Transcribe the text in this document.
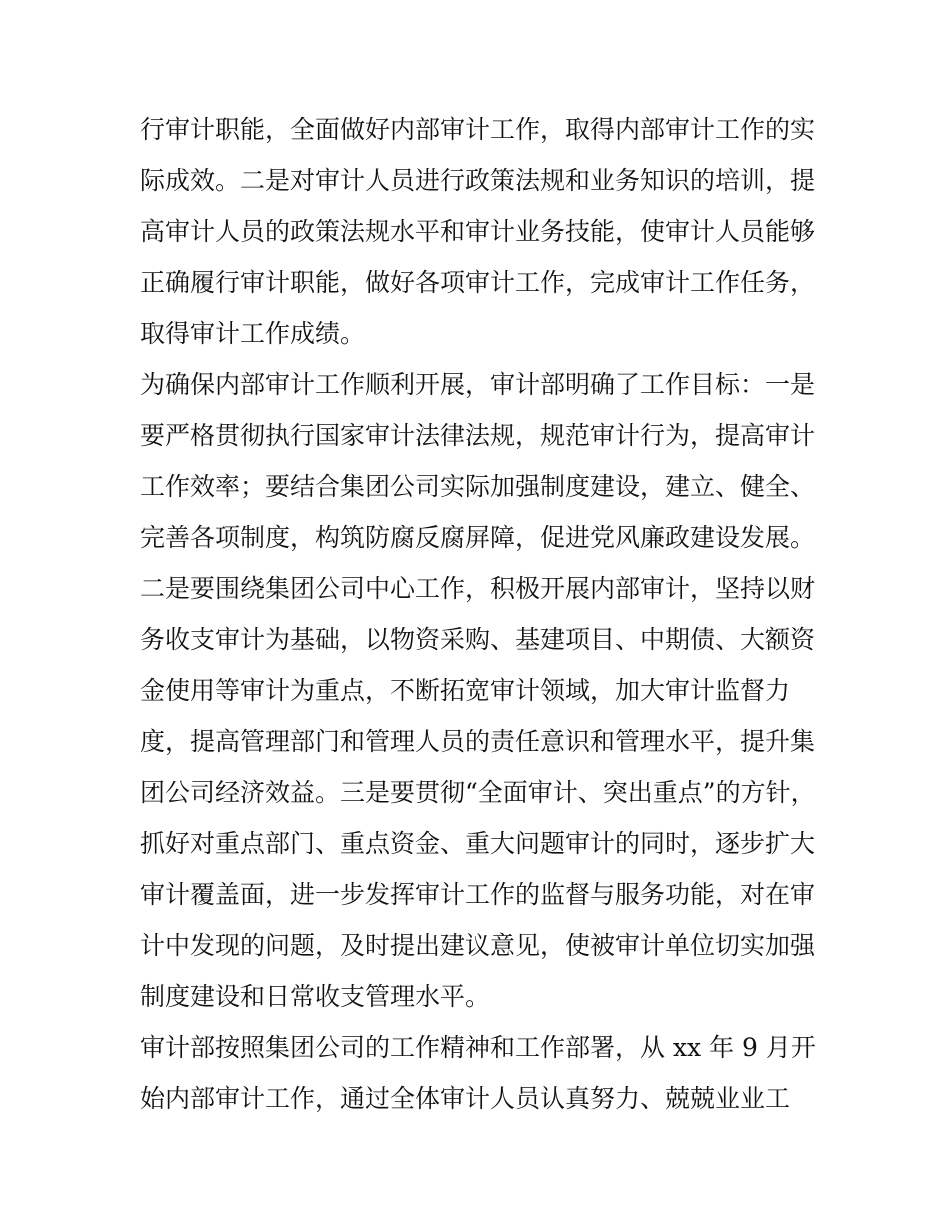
行审计职能，全面做好内部审计工作，取得内部审计工作的实
际成效。二是对审计人员进行政策法规和业务知识的培训，提
高审计人员的政策法规水平和审计业务技能，使审计人员能够
正确履行审计职能，做好各项审计工作，完成审计工作任务，
取得审计工作成绩。
为确保内部审计工作顺利开展，审计部明确了工作目标：一是
要严格贯彻执行国家审计法律法规，规范审计行为，提高审计
工作效率；要结合集团公司实际加强制度建设，建立、健全、
完善各项制度，构筑防腐反腐屏障，促进党风廉政建设发展。
二是要围绕集团公司中心工作，积极开展内部审计，坚持以财
务收支审计为基础，以物资采购、基建项目、中期债、大额资
金使用等审计为重点，不断拓宽审计领域，加大审计监督力
度，提高管理部门和管理人员的责任意识和管理水平，提升集
团公司经济效益。三是要贯彻“全面审计、突出重点”的方针，
抓好对重点部门、重点资金、重大问题审计的同时，逐步扩大
审计覆盖面，进一步发挥审计工作的监督与服务功能，对在审
计中发现的问题，及时提出建议意见，使被审计单位切实加强
制度建设和日常收支管理水平。
审计部按照集团公司的工作精神和工作部署，从 xx 年 9 月开
始内部审计工作，通过全体审计人员认真努力、兢兢业业工
